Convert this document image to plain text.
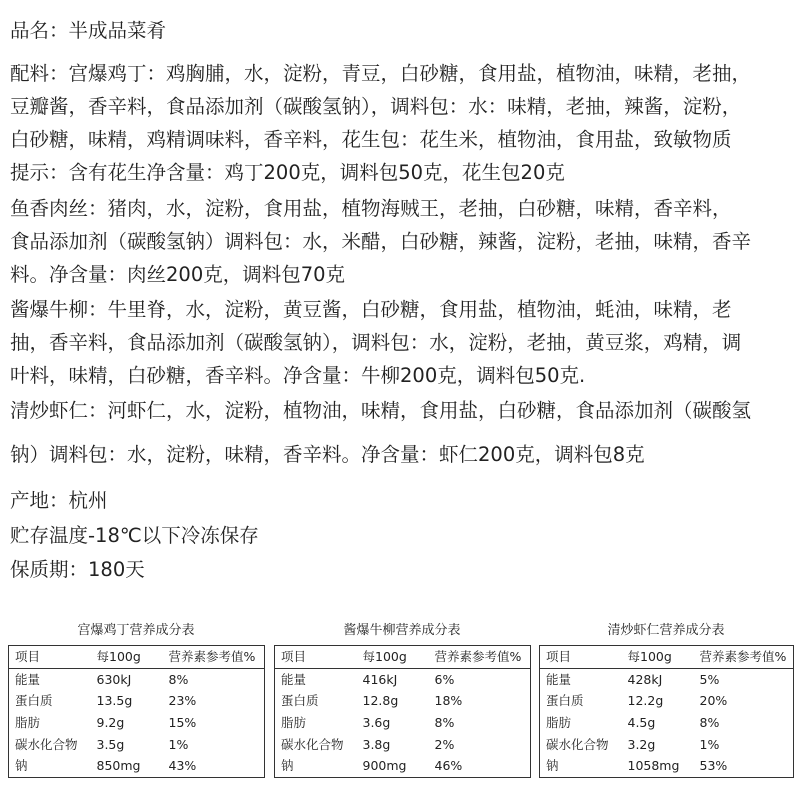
品名：半成品菜肴
配料：宫爆鸡丁：鸡胸脯，水，淀粉，青豆，白砂糖，食用盐，植物油，味精，老抽，
豆瓣酱，香辛料，食品添加剂（碳酸氢钠），调料包：水：味精，老抽，辣酱，淀粉，
白砂糖，味精，鸡精调味料，香辛料，花生包：花生米，植物油，食用盐，致敏物质
提示：含有花生净含量：鸡丁200克，调料包50克，花生包20克
鱼香肉丝：猪肉，水，淀粉，食用盐，植物海贼王，老抽，白砂糖，味精，香辛料，
食品添加剂（碳酸氢钠）调料包：水，米醋，白砂糖，辣酱，淀粉，老抽，味精，香辛
料。净含量：肉丝200克，调料包70克
酱爆牛柳：牛里脊，水，淀粉，黄豆酱，白砂糖，食用盐，植物油，蚝油，味精，老
抽，香辛料，食品添加剂（碳酸氢钠），调料包：水，淀粉，老抽，黄豆浆，鸡精，调
叶料，味精，白砂糖，香辛料。净含量：牛柳200克，调料包50克.
清炒虾仁：河虾仁，水，淀粉，植物油，味精，食用盐，白砂糖，食品添加剂（碳酸氢
钠）调料包：水，淀粉，味精，香辛料。净含量：虾仁200克，调料包8克
产地：杭州
贮存温度-18℃以下冷冻保存
保质期：180天
宫爆鸡丁营养成分表
项目	每100g	营养素参考值%
能量	630kJ	8%
蛋白质	13.5g	23%
脂肪	9.2g	15%
碳水化合物	3.5g	1%
钠	850mg	43%
酱爆牛柳营养成分表
项目	每100g	营养素参考值%
能量	416kJ	6%
蛋白质	12.8g	18%
脂肪	3.6g	8%
碳水化合物	3.8g	2%
钠	900mg	46%
清炒虾仁营养成分表
项目	每100g	营养素参考值%
能量	428kJ	5%
蛋白质	12.2g	20%
脂肪	4.5g	8%
碳水化合物	3.2g	1%
钠	1058mg	53%
